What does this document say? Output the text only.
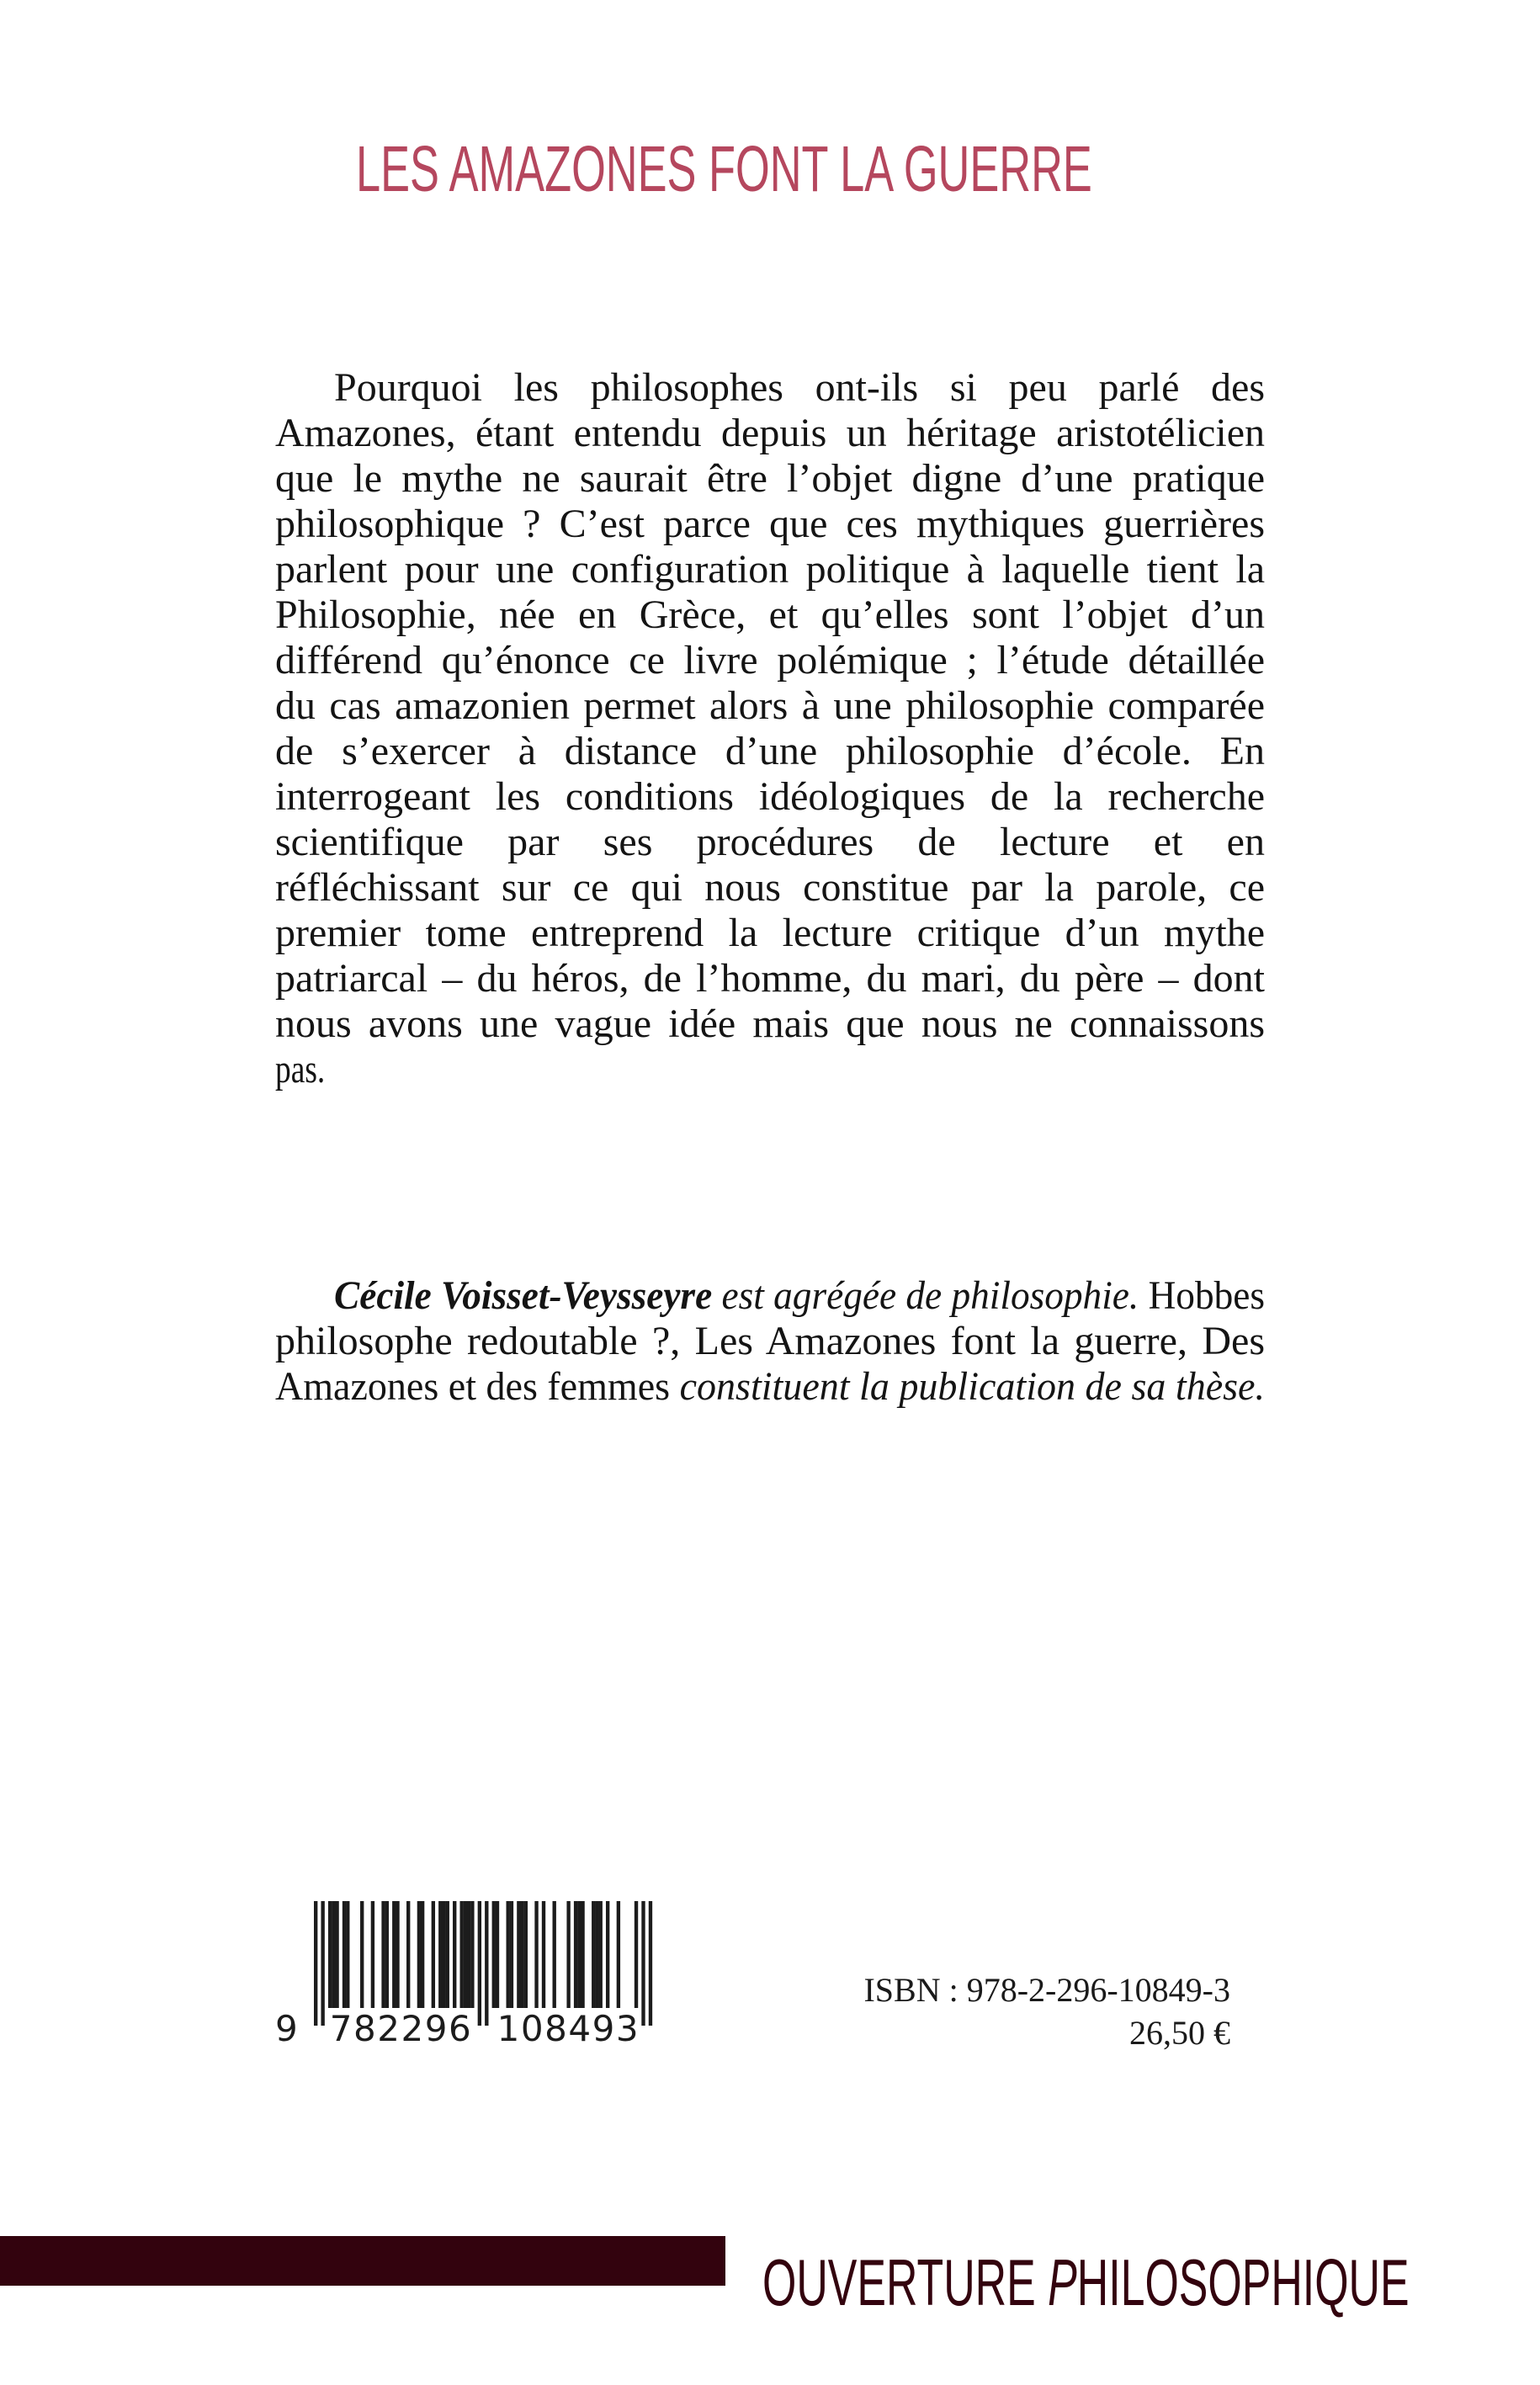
LES AMAZONES FONT LA GUERRE
Pourquoi les philosophes ont-ils si peu parlé des
Amazones, étant entendu depuis un héritage aristotélicien
que le mythe ne saurait être l’objet digne d’une pratique
philosophique ? C’est parce que ces mythiques guerrières
parlent pour une configuration politique à laquelle tient la
Philosophie, née en Grèce, et qu’elles sont l’objet d’un
différend qu’énonce ce livre polémique ; l’étude détaillée
du cas amazonien permet alors à une philosophie comparée
de s’exercer à distance d’une philosophie d’école. En
interrogeant les conditions idéologiques de la recherche
scientifique par ses procédures de lecture et en
réfléchissant sur ce qui nous constitue par la parole, ce
premier tome entreprend la lecture critique d’un mythe
patriarcal – du héros, de l’homme, du mari, du père – dont
nous avons une vague idée mais que nous ne connaissons
pas.
Cécile Voisset-Veysseyre est agrégée de philosophie. Hobbes
philosophe redoutable ?, Les Amazones font la guerre, Des
Amazones et des femmes constituent la publication de sa thèse.
9 782296 108493
ISBN : 978-2-296-10849-3
26,50 €
OUVERTURE PHILOSOPHIQUE
